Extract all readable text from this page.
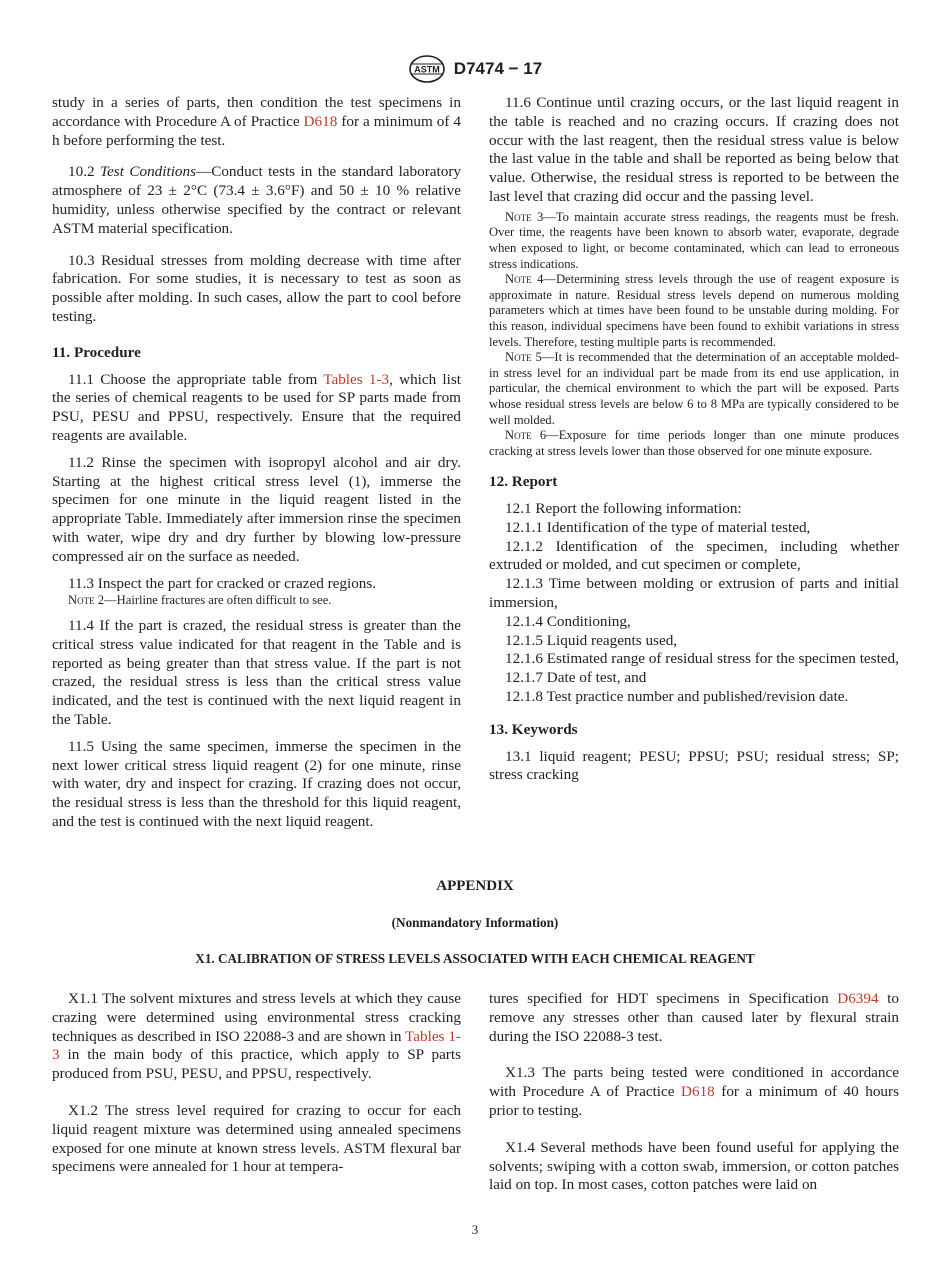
ASTM D7474 − 17

study in a series of parts, then condition the test specimens in accordance with Procedure A of Practice D618 for a minimum of 4 h before performing the test.

10.2 Test Conditions—Conduct tests in the standard laboratory atmosphere of 23 ± 2°C (73.4 ± 3.6°F) and 50 ± 10 % relative humidity, unless otherwise specified by the contract or relevant ASTM material specification.

10.3 Residual stresses from molding decrease with time after fabrication. For some studies, it is necessary to test as soon as possible after molding. In such cases, allow the part to cool before testing.

11. Procedure

11.1 Choose the appropriate table from Tables 1-3, which list the series of chemical reagents to be used for SP parts made from PSU, PESU and PPSU, respectively. Ensure that the required reagents are available.

11.2 Rinse the specimen with isopropyl alcohol and air dry. Starting at the highest critical stress level (1), immerse the specimen for one minute in the liquid reagent listed in the appropriate Table. Immediately after immersion rinse the specimen with water, wipe dry and dry further by blowing low-pressure compressed air on the surface as needed.

11.3 Inspect the part for cracked or crazed regions.

Note 2—Hairline fractures are often difficult to see.

11.4 If the part is crazed, the residual stress is greater than the critical stress value indicated for that reagent in the Table and is reported as being greater than that stress value. If the part is not crazed, the residual stress is less than the critical stress value indicated, and the test is continued with the next liquid reagent in the Table.

11.5 Using the same specimen, immerse the specimen in the next lower critical stress liquid reagent (2) for one minute, rinse with water, dry and inspect for crazing. If crazing does not occur, the residual stress is less than the threshold for this liquid reagent, and the test is continued with the next liquid reagent.

11.6 Continue until crazing occurs, or the last liquid reagent in the table is reached and no crazing occurs. If crazing does not occur with the last reagent, then the residual stress value is below the last value in the table and shall be reported as being below that value. Otherwise, the residual stress is reported to be between the last level that crazing did occur and the passing level.

Note 3—To maintain accurate stress readings, the reagents must be fresh. Over time, the reagents have been known to absorb water, evaporate, degrade when exposed to light, or become contaminated, which can lead to erroneous stress indications.

Note 4—Determining stress levels through the use of reagent exposure is approximate in nature. Residual stress levels depend on numerous molding parameters which at times have been found to be unstable during molding. For this reason, individual specimens have been found to exhibit variations in stress levels. Therefore, testing multiple parts is recommended.

Note 5—It is recommended that the determination of an acceptable molded-in stress level for an individual part be made from its end use application, in particular, the chemical environment to which the part will be exposed. Parts whose residual stress levels are below 6 to 8 MPa are typically considered to be well molded.

Note 6—Exposure for time periods longer than one minute produces cracking at stress levels lower than those observed for one minute exposure.

12. Report

12.1 Report the following information:

12.1.1 Identification of the type of material tested,

12.1.2 Identification of the specimen, including whether extruded or molded, and cut specimen or complete,

12.1.3 Time between molding or extrusion of parts and initial immersion,

12.1.4 Conditioning,

12.1.5 Liquid reagents used,

12.1.6 Estimated range of residual stress for the specimen tested,

12.1.7 Date of test, and

12.1.8 Test practice number and published/revision date.

13. Keywords

13.1 liquid reagent; PESU; PPSU; PSU; residual stress; SP; stress cracking

APPENDIX
(Nonmandatory Information)
X1. CALIBRATION OF STRESS LEVELS ASSOCIATED WITH EACH CHEMICAL REAGENT

X1.1 The solvent mixtures and stress levels at which they cause crazing were determined using environmental stress cracking techniques as described in ISO 22088-3 and are shown in Tables 1-3 in the main body of this practice, which apply to SP parts produced from PSU, PESU, and PPSU, respectively.

X1.2 The stress level required for crazing to occur for each liquid reagent mixture was determined using annealed specimens exposed for one minute at known stress levels. ASTM flexural bar specimens were annealed for 1 hour at tempera-

tures specified for HDT specimens in Specification D6394 to remove any stresses other than caused later by flexural strain during the ISO 22088-3 test.

X1.3 The parts being tested were conditioned in accordance with Procedure A of Practice D618 for a minimum of 40 hours prior to testing.

X1.4 Several methods have been found useful for applying the solvents; swiping with a cotton swab, immersion, or cotton patches laid on top. In most cases, cotton patches were laid on

3
